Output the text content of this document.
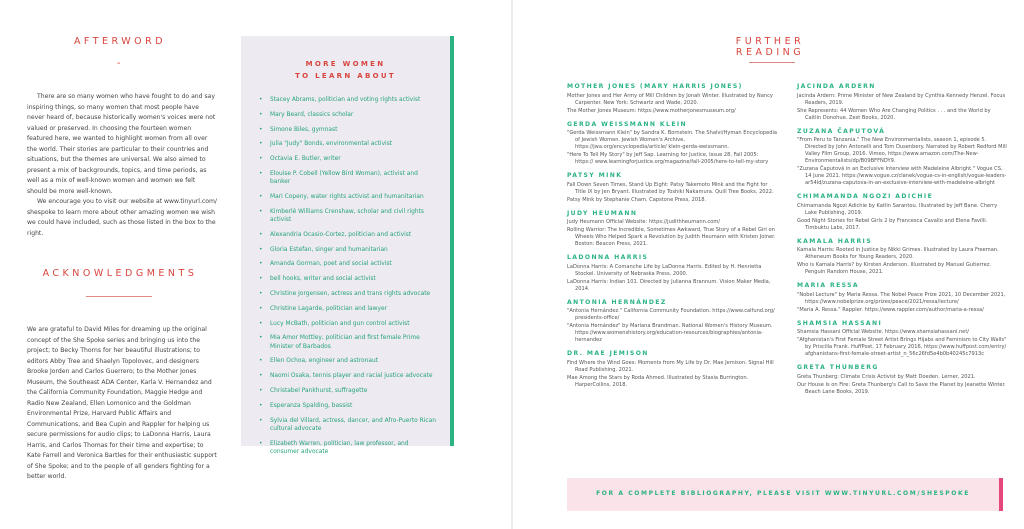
AFTERWORD
-

There are so many women who have fought to do and say inspiring things, so many women that most people have never heard of, because historically women's voices were not valued or preserved. In choosing the fourteen women featured here, we wanted to highlight women from all over the world. Their stories are particular to their countries and situations, but the themes are universal. We also aimed to present a mix of backgrounds, topics, and time periods, as well as a mix of well-known women and women we felt should be more well-known.

We encourage you to visit our website at www.tinyurl.com/ shespoke to learn more about other amazing women we wish we could have included, such as those listed in the box to the right.

ACKNOWLEDGMENTS

We are grateful to David Miles for dreaming up the original concept of the She Spoke series and bringing us into the project; to Becky Thorns for her beautiful illustrations; to editors Abby Tree and Shaelyn Topolovec, and designers Brooke Jorden and Carlos Guerrero; to the Mother Jones Museum, the Southeast ADA Center, Karla V. Hernandez and the California Community Foundation, Maggie Hedge and Radio New Zealand, Ellen Lomonico and the Goldman Environmental Prize, Harvard Public Affairs and Communications, and Bea Cupin and Rappler for helping us secure permissions for audio clips; to LaDonna Harris, Laura Harris, and Carlos Thomas for their time and expertise; to Kate Farrell and Veronica Bartles for their enthusiastic support of She Spoke; and to the people of all genders fighting for a better world.

MORE WOMEN
TO LEARN ABOUT
• Stacey Abrams, politician and voting rights activist
• Mary Beard, classics scholar
• Simone Biles, gymnast
• Julia "Judy" Bonds, environmental activist
• Octavia E. Butler, writer
• Elouise P. Cobell (Yellow Bird Woman), activist and banker
• Mari Copeny, water rights activist and humanitarian
• Kimberlé Williams Crenshaw, scholar and civil rights activist
• Alexandria Ocasio-Cortez, politician and activist
• Gloria Estefan, singer and humanitarian
• Amanda Gorman, poet and social activist
• bell hooks, writer and social activist
• Christine Jorgensen, actress and trans rights advocate
• Christine Lagarde, politician and lawyer
• Lucy McBath, politician and gun control activist
• Mia Amor Mottley, politician and first female Prime Minister of Barbados
• Ellen Ochoa, engineer and astronaut
• Naomi Osaka, tennis player and racial justice advocate
• Christabel Pankhurst, suffragette
• Esperanza Spalding, bassist
• Sylvia del Villard, actress, dancer, and Afro-Puerto Rican cultural advocate
• Elizabeth Warren, politician, law professor, and consumer advocate
FURTHER READING
MOTHER JONES (MARY HARRIS JONES)
Mother Jones and Her Army of Mill Children by Jonah Winter. Illustrated by Nancy Carpenter. New York: Schwartz and Wade, 2020.
The Mother Jones Museum: https://www.motherjonesmuseum.org/
GERDA WEISSMANN KLEIN
"Gerda Weissmann Klein" by Sandra K. Bornstein. The Shalvi/Hyman Encyclopedia of Jewish Women. Jewish Women's Archive, https://jwa.org/encyclopedia/article/ klein-gerda-weissmann.
"Here To Tell My Story" by Jeff Sap. Learning for Justice, Issue 28, Fall 2005: https:// www.learningforjustice.org/magazine/fall-2005/here-to-tell-my-story
PATSY MINK
Fall Down Seven Times, Stand Up Eight: Patsy Takemoto Mink and the Fight for Title IX by Jen Bryant. Illustrated by Toshiki Nakamura. Quill Tree Books, 2022.
Patsy Mink by Stephanie Cham. Capstone Press, 2018.
JUDY HEUMANN
Judy Heumann Official Website: https://judithheumann.com/
Rolling Warrior: The Incredible, Sometimes Awkward, True Story of a Rebel Girl on Wheels Who Helped Spark a Revolution by Judith Heumann with Kristen Joiner. Boston: Beacon Press, 2021.
LADONNA HARRIS
LaDonna Harris: A Comanche Life by LaDonna Harris. Edited by H. Henrietta Stockel. University of Nebraska Press, 2000.
LaDonna Harris: Indian 101. Directed by Julianna Brannum. Vision Maker Media, 2014.
ANTONIA HERNÁNDEZ
"Antonia Hernández." California Community Foundation. https://www.calfund.org/ presidents-office/
"Antonia Hernández" by Mariana Brandman. National Women's History Museum. https://www.womenshistory.org/education-resources/biographies/antonia- hernandez
DR. MAE JEMISON
Find Where the Wind Goes: Moments from My Life by Dr. Mae Jemison. Signal Hill Road Publishing, 2021.
Mae Among the Stars by Roda Ahmed. Illustrated by Stasia Burrington. HarperCollins, 2018.
JACINDA ARDERN
Jacinda Ardern: Prime Minister of New Zealand by Cynthia Kennedy Henzel. Focus Readers, 2019.
She Represents: 44 Women Who Are Changing Politics . . . and the World by Caitlin Donohue. Zest Books, 2020.
ZUZANA ČAPUTOVÁ
"From Peru to Tanzania." The New Environmentalists, season 1, episode 5. Directed by John Antonelli and Tom Dusenbery. Narrated by Robert Redford Mill Valley Film Group, 2016. Vimeo, https://www.amazon.com/The-New- Environmentalists/dp/B09BFFNDY9.
"Zuzana Čaputová in an Exclusive Interview with Madeleine Albright." Vogue CS, 14 June 2021. https://www.vogue.cz/clanek/vogue-cs-in-english/vogue-leaders- ar54ld/zuzana-caputova-in-an-exclusive-interview-with-madeleine-albright
CHIMAMANDA NGOZI ADICHIE
Chimamanda Ngozi Adichie by Katlin Sarantou. Illustrated by Jeff Bane. Cherry Lake Publishing, 2019.
Good Night Stories for Rebel Girls 2 by Francesca Cavallo and Elena Favilli. Timbuktu Labs, 2017.
KAMALA HARRIS
Kamala Harris: Rooted in Justice by Nikki Grimes. Illustrated by Laura Freeman. Atheneum Books for Young Readers, 2020.
Who is Kamala Harris? by Kirsten Anderson. Illustrated by Manuel Gutierrez. Penguin Random House, 2021.
MARIA RESSA
"Nobel Lecture" by Maria Ressa. The Nobel Peace Prize 2021, 10 December 2021, https://www.nobelprize.org/prizes/peace/2021/ressa/lecture/
"Maria A. Ressa." Rappler. https://www.rappler.com/author/maria-a-ressa/
SHAMSIA HASSANI
Shamsia Hassani Official Website. https://www.shamsiahassani.net/
"Afghanistan's First Female Street Artist Brings Hijabs and Feminism to City Walls" by Priscilla Frank. HuffPost, 17 February 2016, https://www.huffpost.com/entry/ afghanistans-first-female-street-artist_n_56c26fd5e4b0b40245c7913c
GRETA THUNBERG
Greta Thunberg: Climate Crisis Activist by Matt Doeden. Lerner, 2021.
Our House Is on Fire: Greta Thunberg's Call to Save the Planet by Jeanette Winter. Beach Lane Books, 2019.
FOR A COMPLETE BIBLIOGRAPHY, PLEASE VISIT WWW.TINYURL.COM/SHESPOKE
